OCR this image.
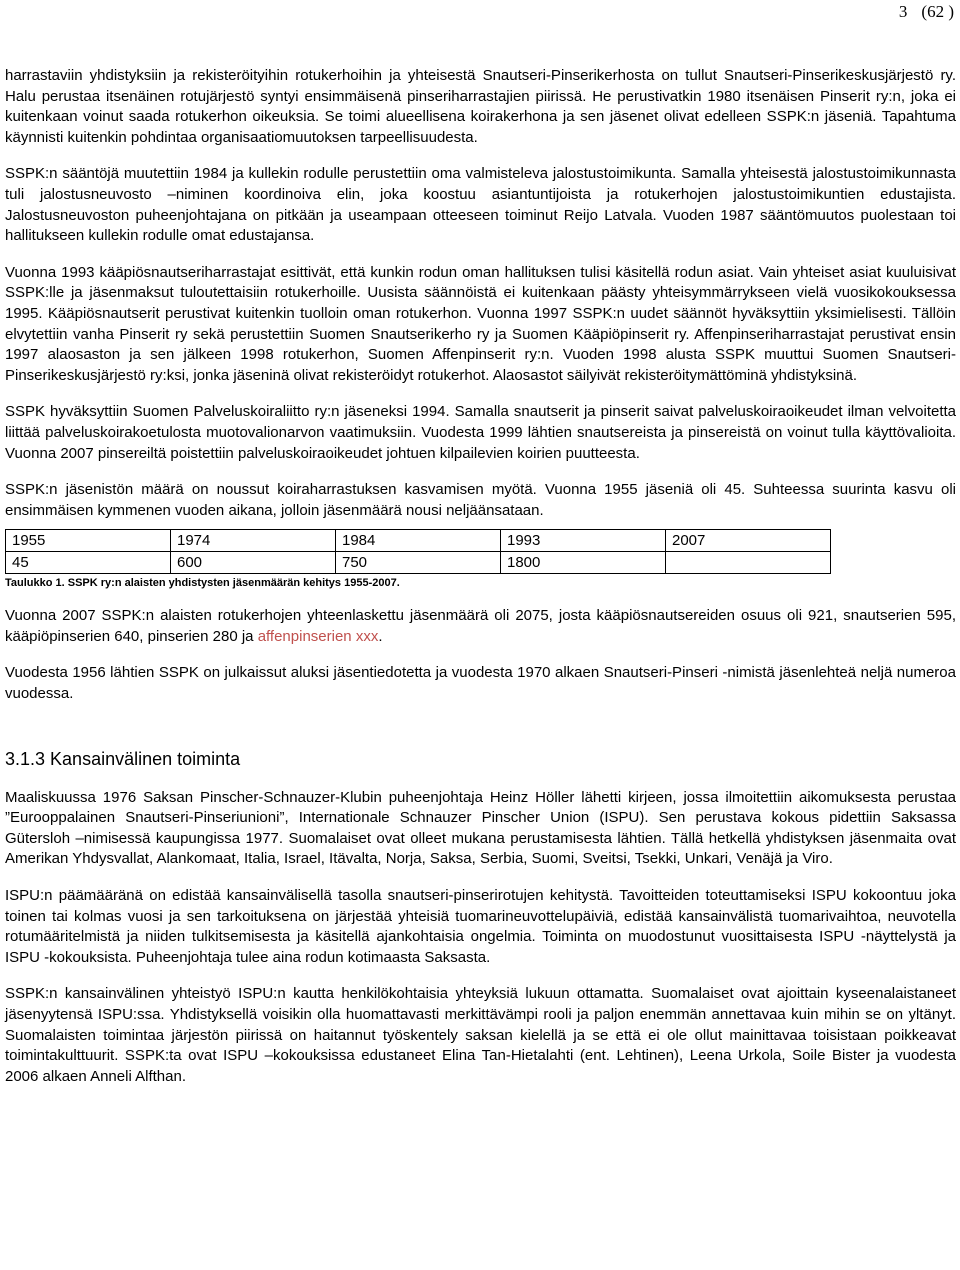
3 (62 )

harrastaviin yhdistyksiin ja rekisteröityihin rotukerhoihin ja yhteisestä Snautseri-Pinserikerhosta on tullut Snautseri-Pinserikeskusjärjestö ry. Halu perustaa itsenäinen rotujärjestö syntyi ensimmäisenä pinseriharrastajien piirissä. He perustivatkin 1980 itsenäisen Pinserit ry:n, joka ei kuitenkaan voinut saada rotukerhon oikeuksia. Se toimi alueellisena koirakerhona ja sen jäsenet olivat edelleen SSPK:n jäseniä. Tapahtuma käynnisti kuitenkin pohdintaa organisaatiomuutoksen tarpeellisuudesta.

SSPK:n sääntöjä muutettiin 1984 ja kullekin rodulle perustettiin oma valmisteleva jalostustoimikunta. Samalla yhteisestä jalostustoimikunnasta tuli jalostusneuvosto –niminen koordinoiva elin, joka koostuu asiantuntijoista ja rotukerhojen jalostustoimikuntien edustajista. Jalostusneuvoston puheenjohtajana on pitkään ja useampaan otteeseen toiminut Reijo Latvala. Vuoden 1987 sääntömuutos puolestaan toi hallitukseen kullekin rodulle omat edustajansa.

Vuonna 1993 kääpiösnautseriharrastajat esittivät, että kunkin rodun oman hallituksen tulisi käsitellä rodun asiat. Vain yhteiset asiat kuuluisivat SSPK:lle ja jäsenmaksut tuloutettaisiin rotukerhoille. Uusista säännöistä ei kuitenkaan päästy yhteisymmärrykseen vielä vuosikokouksessa 1995. Kääpiösnautserit perustivat kuitenkin tuolloin oman rotukerhon. Vuonna 1997 SSPK:n uudet säännöt hyväksyttiin yksimielisesti. Tällöin elvytettiin vanha Pinserit ry sekä perustettiin Suomen Snautserikerho ry ja Suomen Kääpiöpinserit ry. Affenpinseriharrastajat perustivat ensin 1997 alaosaston ja sen jälkeen 1998 rotukerhon, Suomen Affenpinserit ry:n. Vuoden 1998 alusta SSPK muuttui Suomen Snautseri-Pinserikeskusjärjestö ry:ksi, jonka jäseninä olivat rekisteröidyt rotukerhot. Alaosastot säilyivät rekisteröitymättöminä yhdistyksinä.

SSPK hyväksyttiin Suomen Palveluskoiraliitto ry:n jäseneksi 1994. Samalla snautserit ja pinserit saivat palveluskoiraoikeudet ilman velvoitetta liittää palveluskoirakoetulosta muotovalionarvon vaatimuksiin. Vuodesta 1999 lähtien snautsereista ja pinsereistä on voinut tulla käyttövalioita. Vuonna 2007 pinsereiltä poistettiin palveluskoiraoikeudet johtuen kilpailevien koirien puutteesta.

SSPK:n jäsenistön määrä on noussut koiraharrastuksen kasvamisen myötä. Vuonna 1955 jäseniä oli 45. Suhteessa suurinta kasvu oli ensimmäisen kymmenen vuoden aikana, jolloin jäsenmäärä nousi neljäänsataan.

1955	1974	1984	1993	2007
45	600	750	1800	
Taulukko 1. SSPK ry:n alaisten yhdistysten jäsenmäärän kehitys 1955-2007.

Vuonna 2007 SSPK:n alaisten rotukerhojen yhteenlaskettu jäsenmäärä oli 2075, josta kääpiösnautsereiden osuus oli 921, snautserien 595, kääpiöpinserien 640, pinserien 280 ja affenpinserien xxx.

Vuodesta 1956 lähtien SSPK on julkaissut aluksi jäsentiedotetta ja vuodesta 1970 alkaen Snautseri-Pinseri -nimistä jäsenlehteä neljä numeroa vuodessa.

3.1.3 Kansainvälinen toiminta

Maaliskuussa 1976 Saksan Pinscher-Schnauzer-Klubin puheenjohtaja Heinz Höller lähetti kirjeen, jossa ilmoitettiin aikomuksesta perustaa ”Eurooppalainen Snautseri-Pinseriunioni”, Internationale Schnauzer Pinscher Union (ISPU). Sen perustava kokous pidettiin Saksassa Gütersloh –nimisessä kaupungissa 1977. Suomalaiset ovat olleet mukana perustamisesta lähtien. Tällä hetkellä yhdistyksen jäsenmaita ovat Amerikan Yhdysvallat, Alankomaat, Italia, Israel, Itävalta, Norja, Saksa, Serbia, Suomi, Sveitsi, Tsekki, Unkari, Venäjä ja Viro.

ISPU:n päämääränä on edistää kansainvälisellä tasolla snautseri-pinserirotujen kehitystä. Tavoitteiden toteuttamiseksi ISPU kokoontuu joka toinen tai kolmas vuosi ja sen tarkoituksena on järjestää yhteisiä tuomarineuvottelupäiviä, edistää kansainvälistä tuomarivaihtoa, neuvotella rotumääritelmistä ja niiden tulkitsemisesta ja käsitellä ajankohtaisia ongelmia. Toiminta on muodostunut vuosittaisesta ISPU -näyttelystä ja ISPU -kokouksista. Puheenjohtaja tulee aina rodun kotimaasta Saksasta.

SSPK:n kansainvälinen yhteistyö ISPU:n kautta henkilökohtaisia yhteyksiä lukuun ottamatta. Suomalaiset ovat ajoittain kyseenalaistaneet jäsenyytensä ISPU:ssa. Yhdistyksellä voisikin olla huomattavasti merkittävämpi rooli ja paljon enemmän annettavaa kuin mihin se on yltänyt. Suomalaisten toimintaa järjestön piirissä on haitannut työskentely saksan kielellä ja se että ei ole ollut mainittavaa toisistaan poikkeavat toimintakulttuurit. SSPK:ta ovat ISPU –kokouksissa edustaneet Elina Tan-Hietalahti (ent. Lehtinen), Leena Urkola, Soile Bister ja vuodesta 2006 alkaen Anneli Alfthan.
